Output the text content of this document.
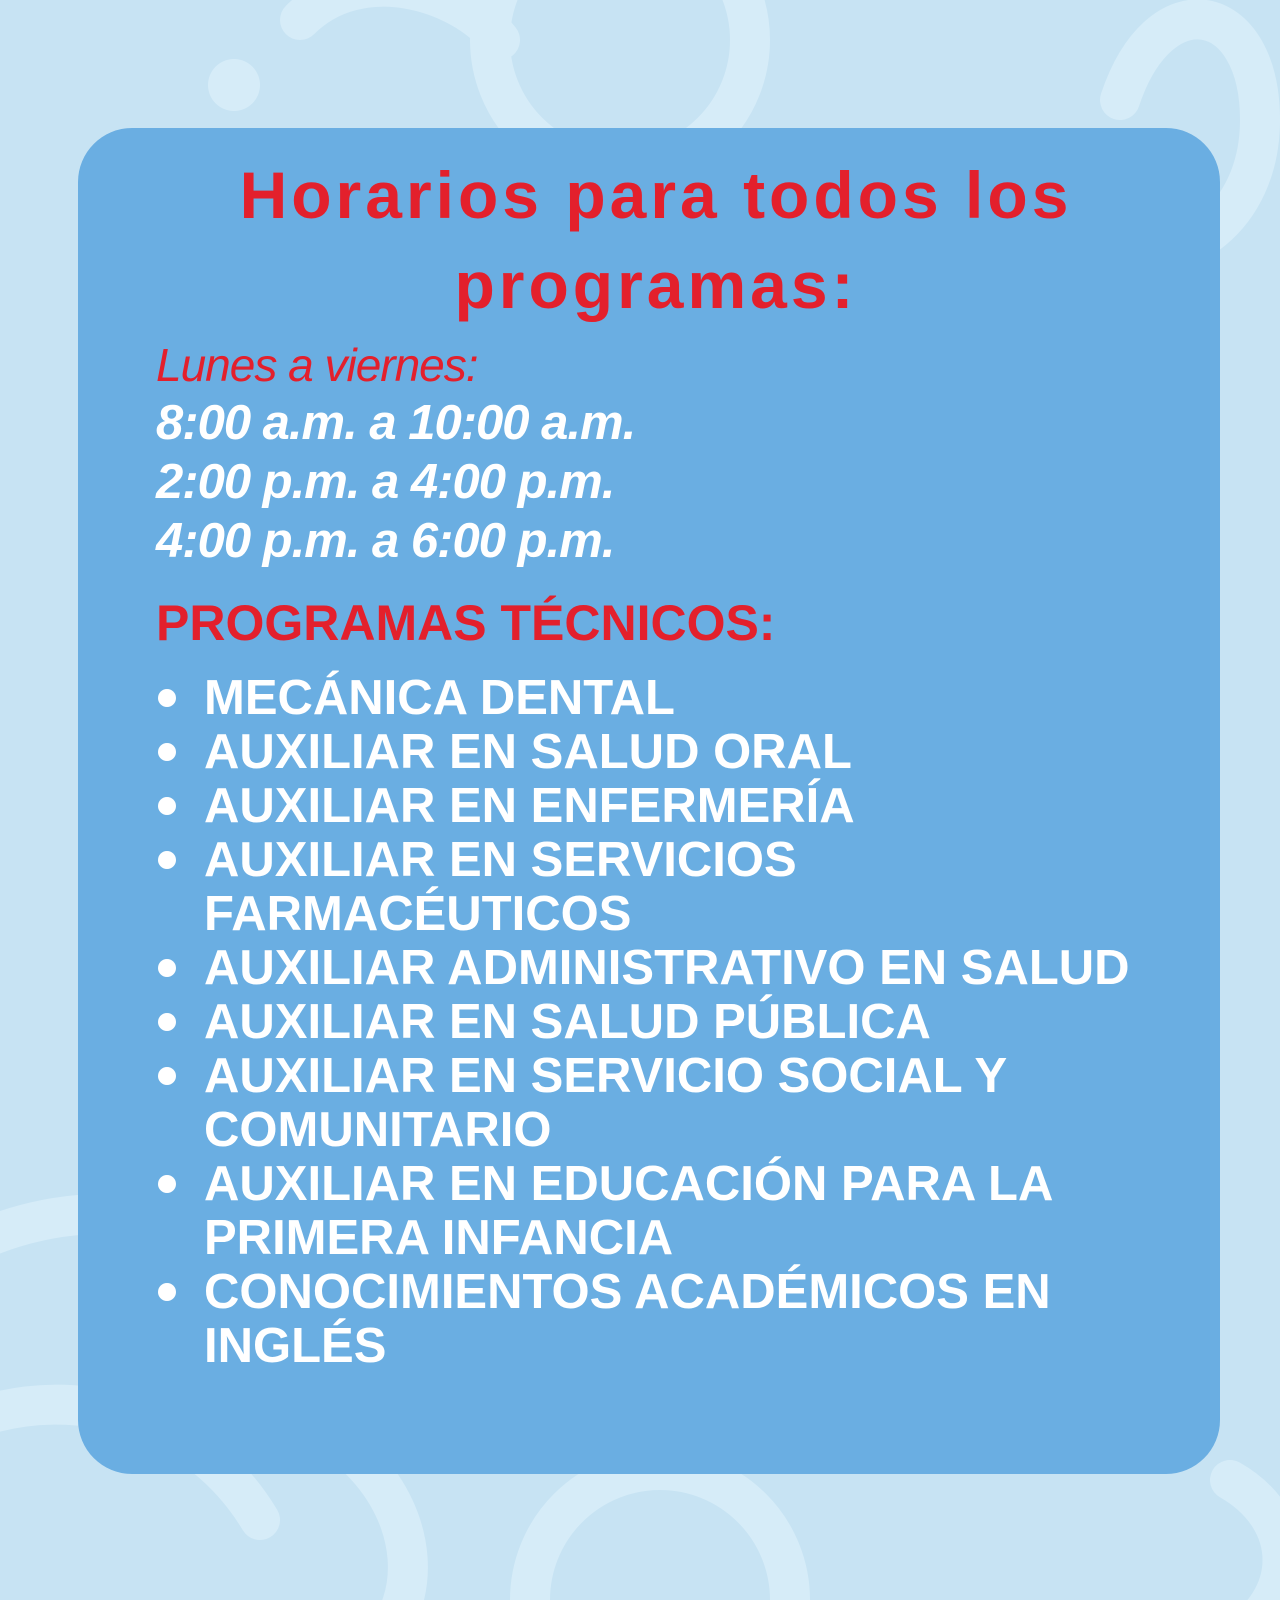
Horarios para todos los
programas:
Lunes a viernes:
8:00 a.m. a 10:00 a.m.
2:00 p.m. a 4:00 p.m.
4:00 p.m. a 6:00 p.m.
PROGRAMAS TÉCNICOS:
MECÁNICA DENTAL
AUXILIAR EN SALUD ORAL
AUXILIAR EN ENFERMERÍA
AUXILIAR EN SERVICIOS FARMACÉUTICOS
AUXILIAR ADMINISTRATIVO EN SALUD
AUXILIAR EN SALUD PÚBLICA
AUXILIAR EN SERVICIO SOCIAL Y COMUNITARIO
AUXILIAR EN EDUCACIÓN PARA LA PRIMERA INFANCIA
CONOCIMIENTOS ACADÉMICOS EN INGLÉS
